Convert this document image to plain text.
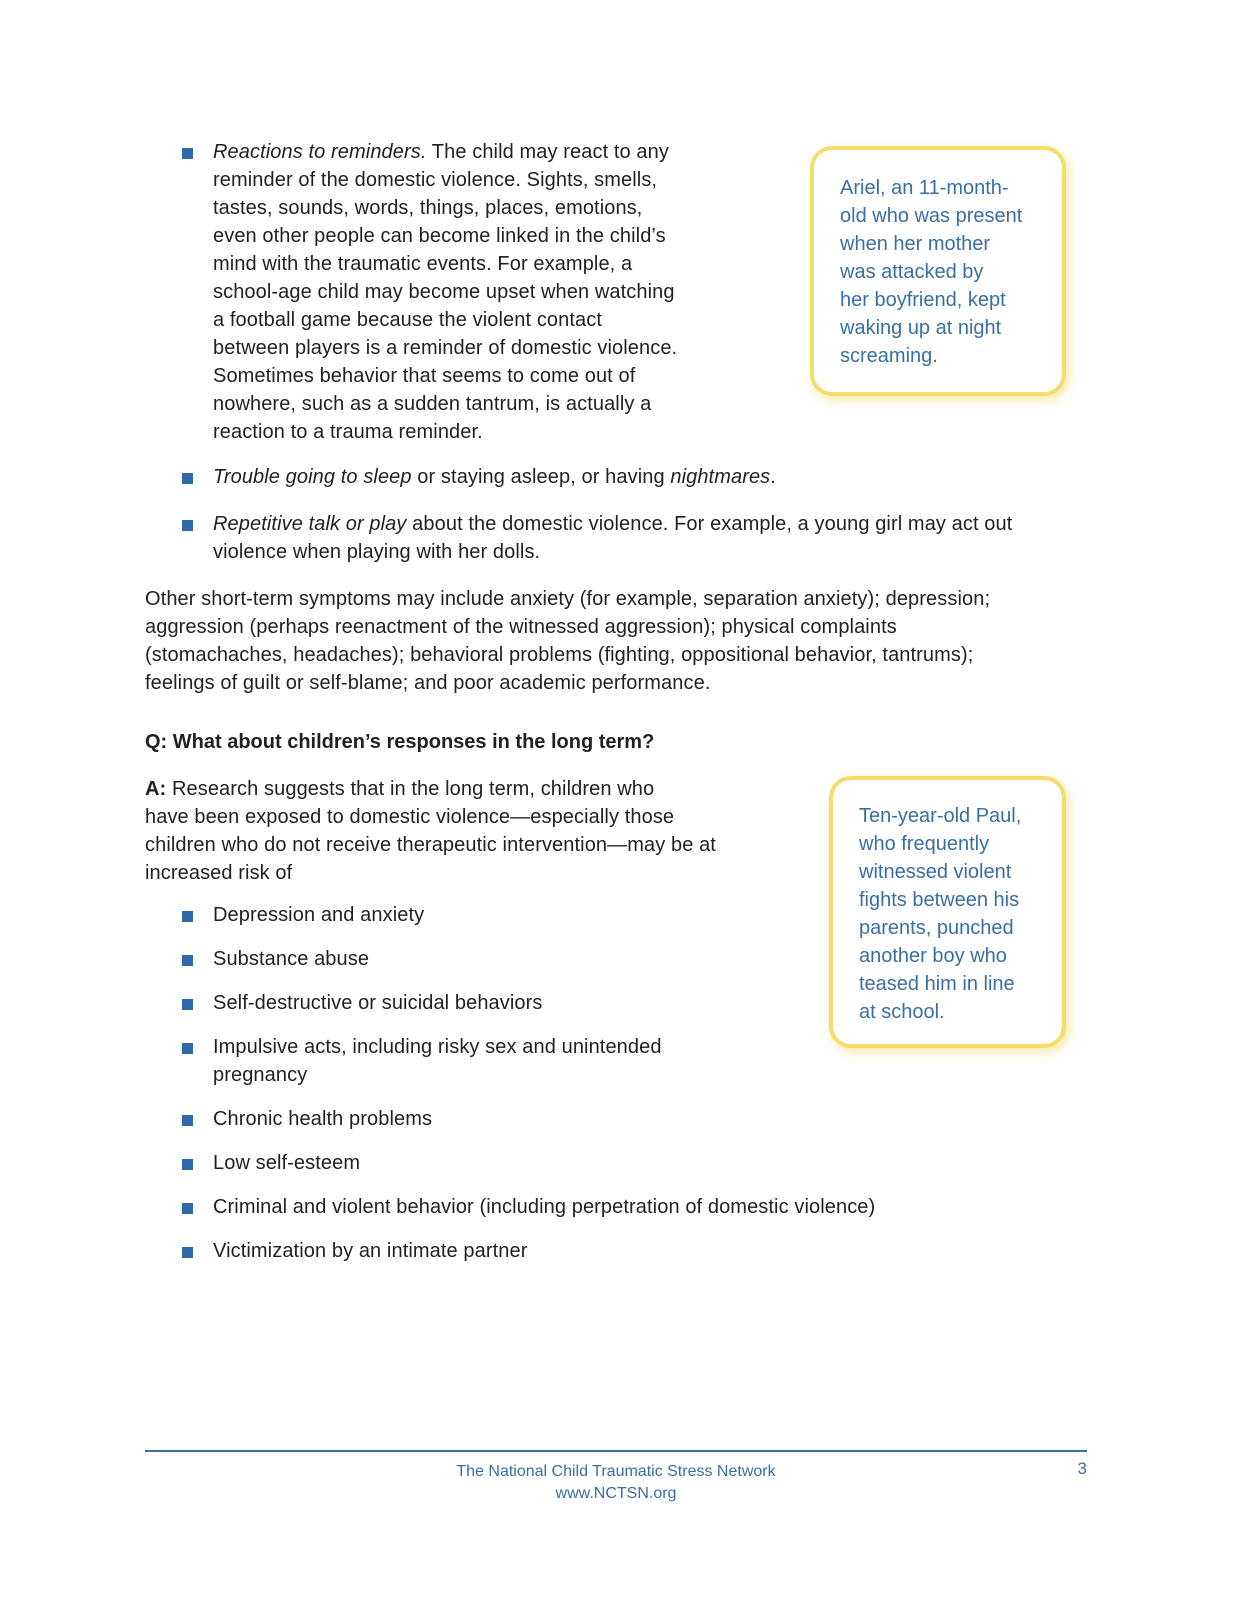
Reactions to reminders. The child may react to any
reminder of the domestic violence. Sights, smells,
tastes, sounds, words, things, places, emotions,
even other people can become linked in the child’s
mind with the traumatic events. For example, a
school-age child may become upset when watching
a football game because the violent contact
between players is a reminder of domestic violence.
Sometimes behavior that seems to come out of
nowhere, such as a sudden tantrum, is actually a
reaction to a trauma reminder.

Ariel, an 11-month-

old who was present

when her mother

was attacked by

her boyfriend, kept

waking up at night

screaming.

Trouble going to sleep or staying asleep, or having nightmares.
Repetitive talk or play about the domestic violence. For example, a young girl may act out
violence when playing with her dolls.
Other short-term symptoms may include anxiety (for example, separation anxiety); depression;
aggression (perhaps reenactment of the witnessed aggression); physical complaints
(stomachaches, headaches); behavioral problems (fighting, oppositional behavior, tantrums);
feelings of guilt or self-blame; and poor academic performance.
Q: What about children’s responses in the long term?
A: Research suggests that in the long term, children who
have been exposed to domestic violence—especially those
children who do not receive therapeutic intervention—may be at
increased risk of

Ten-year-old Paul,

who frequently

witnessed violent

fights between his

parents, punched

another boy who

teased him in line

at school.

Depression and anxiety
Substance abuse
Self-destructive or suicidal behaviors
Impulsive acts, including risky sex and unintended
pregnancy
Chronic health problems
Low self-esteem
Criminal and violent behavior (including perpetration of domestic violence)
Victimization by an intimate partner
The National Child Traumatic Stress Network
www.NCTSN.org
3
